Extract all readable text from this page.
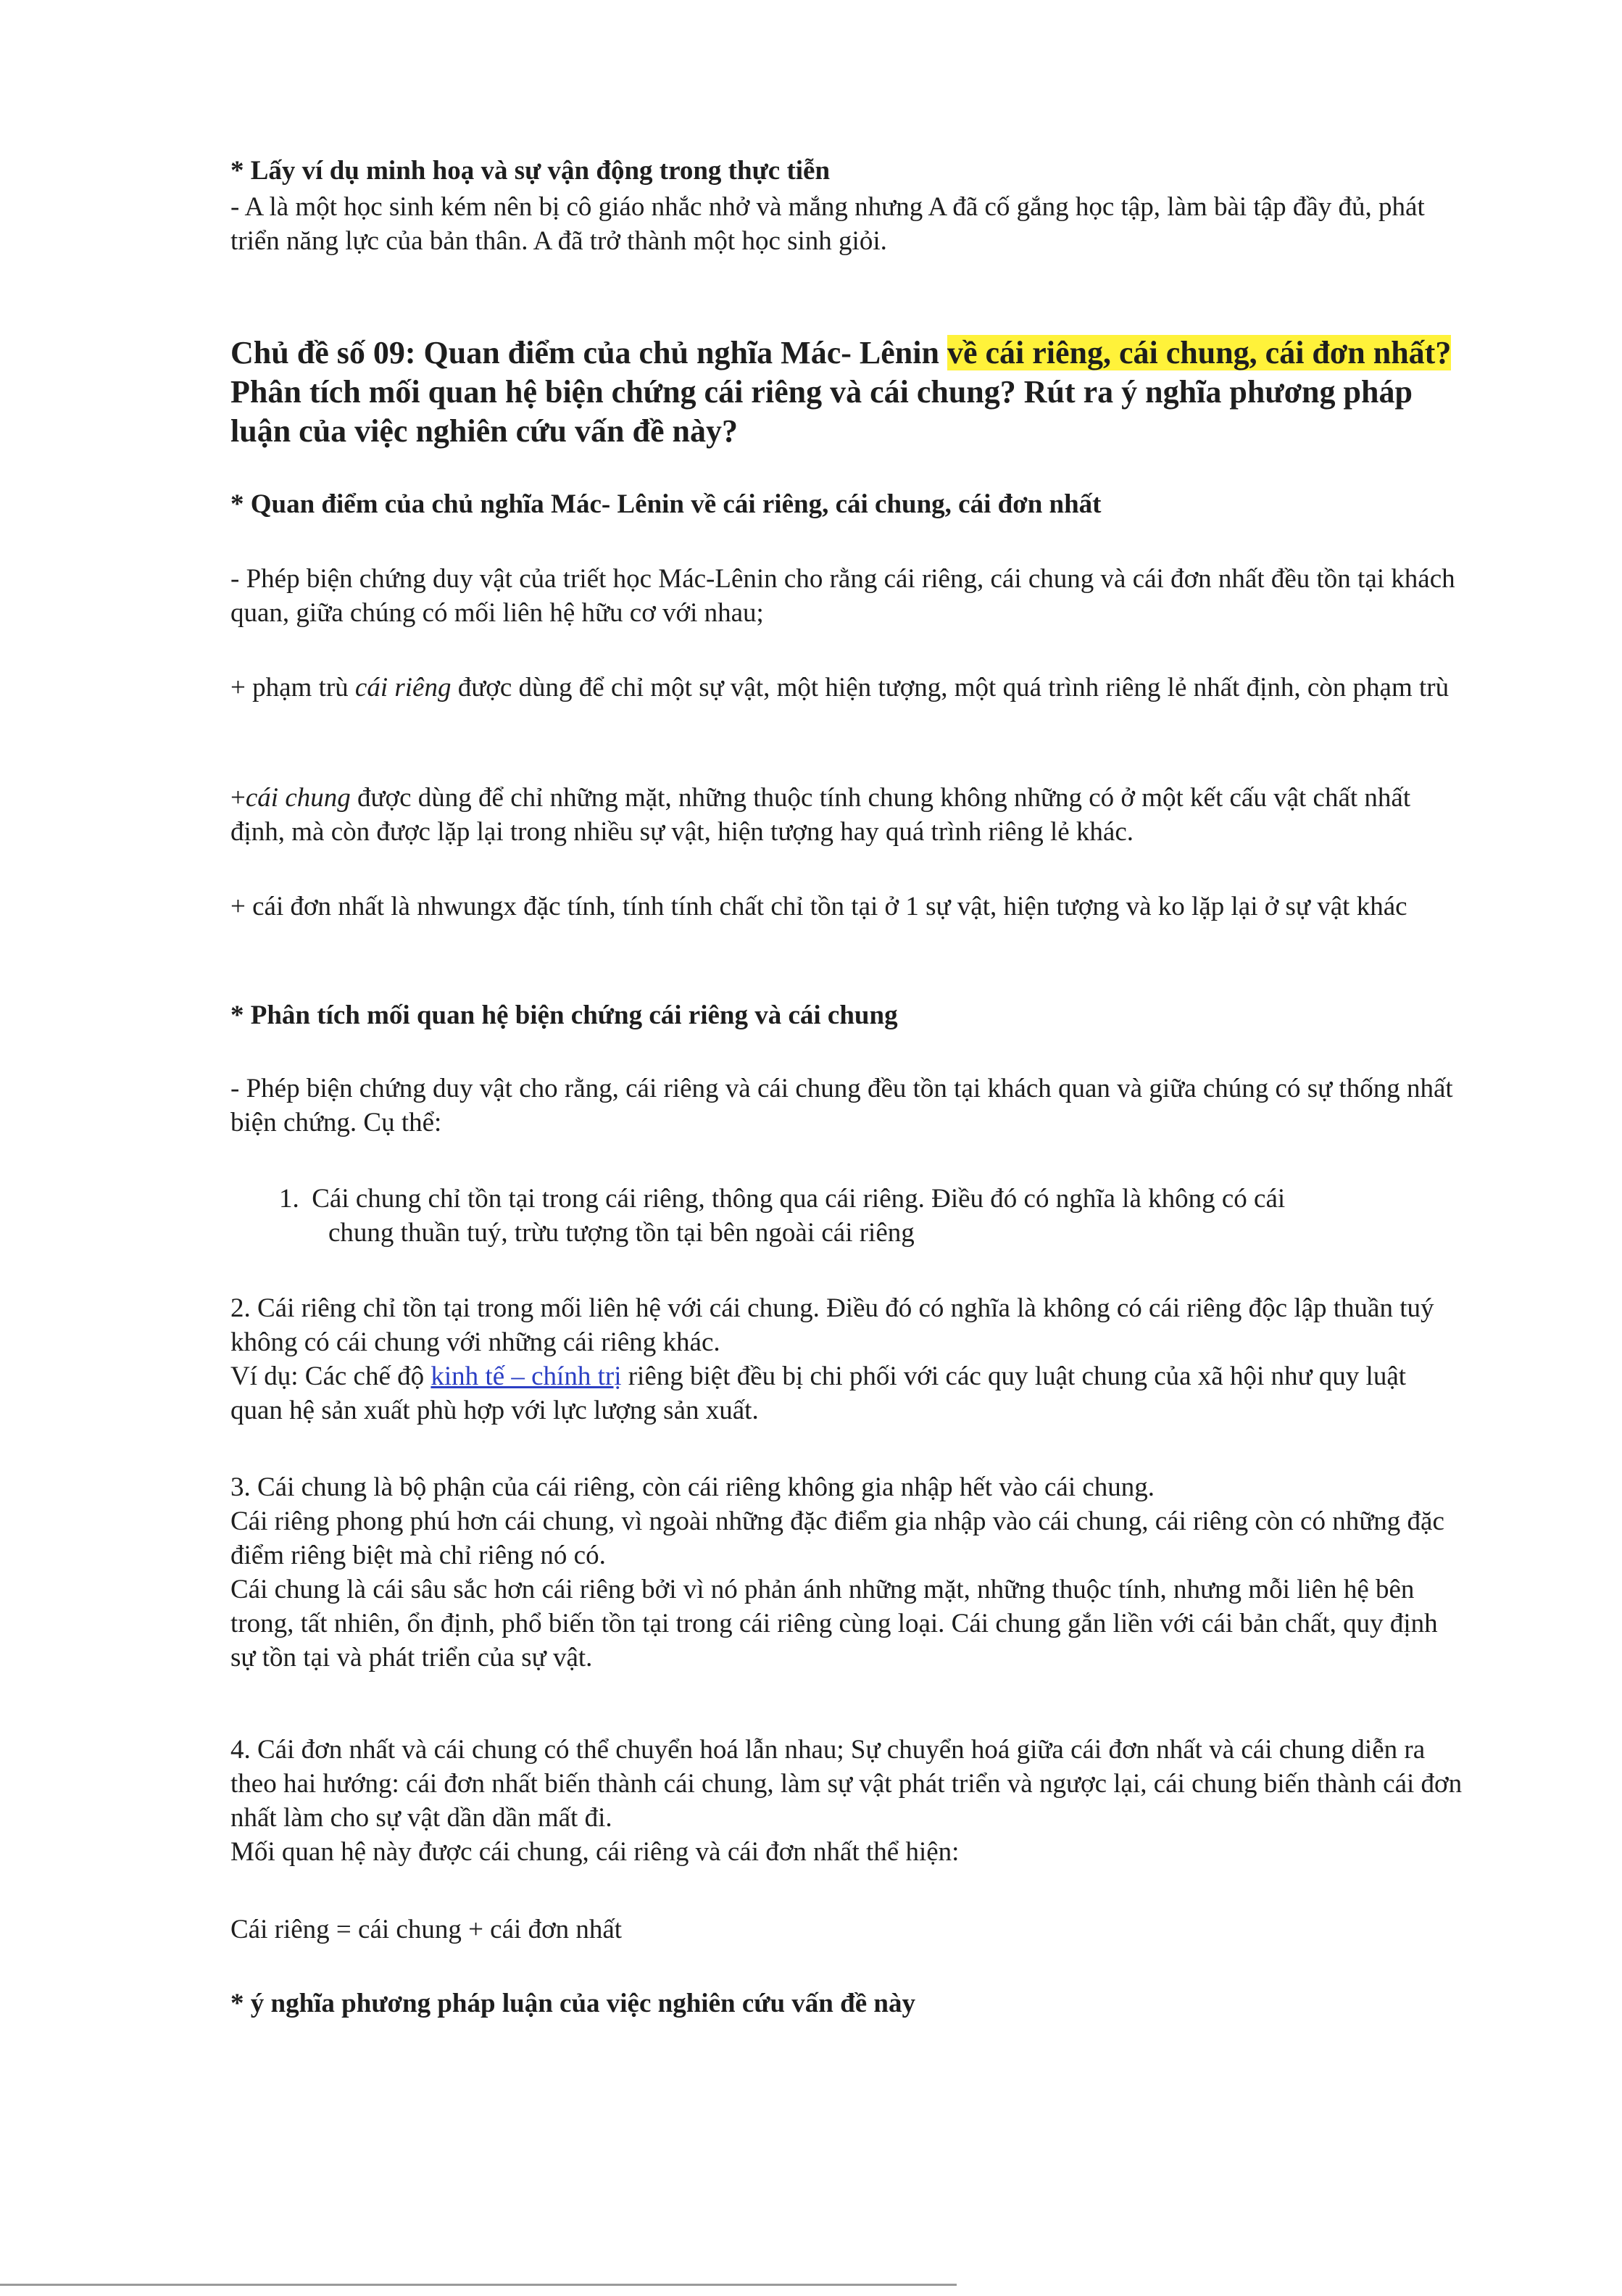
* Lấy ví dụ minh hoạ và sự vận động trong thực tiễn

- A là một học sinh kém nên bị cô giáo nhắc nhở và mắng nhưng A đã cố gắng học tập, làm bài tập đầy đủ, phát triển năng lực của bản thân. A đã trở thành một học sinh giỏi.

Chủ đề số 09: Quan điểm của chủ nghĩa Mác- Lênin về cái riêng, cái chung, cái đơn nhất? Phân tích mối quan hệ biện chứng cái riêng và cái chung? Rút ra ý nghĩa phương pháp luận của việc nghiên cứu vấn đề này?

* Quan điểm của chủ nghĩa Mác- Lênin về cái riêng, cái chung, cái đơn nhất

- Phép biện chứng duy vật của triết học Mác-Lênin cho rằng cái riêng, cái chung và cái đơn nhất đều tồn tại khách quan, giữa chúng có mối liên hệ hữu cơ với nhau;

+ phạm trù cái riêng được dùng để chỉ một sự vật, một hiện tượng, một quá trình riêng lẻ nhất định, còn phạm trù

+cái chung được dùng để chỉ những mặt, những thuộc tính chung không những có ở một kết cấu vật chất nhất định, mà còn được lặp lại trong nhiều sự vật, hiện tượng hay quá trình riêng lẻ khác.

+ cái đơn nhất là nhwungx đặc tính, tính tính chất chỉ tồn tại ở 1 sự vật, hiện tượng và ko lặp lại ở sự vật khác

* Phân tích mối quan hệ biện chứng cái riêng và cái chung

- Phép biện chứng duy vật cho rằng, cái riêng và cái chung đều tồn tại khách quan và giữa chúng có sự thống nhất biện chứng. Cụ thể:

1. Cái chung chỉ tồn tại trong cái riêng, thông qua cái riêng. Điều đó có nghĩa là không có cái
chung thuần tuý, trừu tượng tồn tại bên ngoài cái riêng

2. Cái riêng chỉ tồn tại trong mối liên hệ với cái chung. Điều đó có nghĩa là không có cái riêng độc lập thuần tuý không có cái chung với những cái riêng khác.

Ví dụ: Các chế độ kinh tế – chính trị riêng biệt đều bị chi phối với các quy luật chung của xã hội như quy luật quan hệ sản xuất phù hợp với lực lượng sản xuất.

3. Cái chung là bộ phận của cái riêng, còn cái riêng không gia nhập hết vào cái chung.

Cái riêng phong phú hơn cái chung, vì ngoài những đặc điểm gia nhập vào cái chung, cái riêng còn có những đặc điểm riêng biệt mà chỉ riêng nó có.

Cái chung là cái sâu sắc hơn cái riêng bởi vì nó phản ánh những mặt, những thuộc tính, nhưng mỗi liên hệ bên trong, tất nhiên, ổn định, phổ biến tồn tại trong cái riêng cùng loại. Cái chung gắn liền với cái bản chất, quy định sự tồn tại và phát triển của sự vật.

4. Cái đơn nhất và cái chung có thể chuyển hoá lẫn nhau; Sự chuyển hoá giữa cái đơn nhất và cái chung diễn ra theo hai hướng: cái đơn nhất biến thành cái chung, làm sự vật phát triển và ngược lại, cái chung biến thành cái đơn nhất làm cho sự vật dần dần mất đi.

Mối quan hệ này được cái chung, cái riêng và cái đơn nhất thể hiện:

Cái riêng = cái chung + cái đơn nhất

* ý nghĩa phương pháp luận của việc nghiên cứu vấn đề này
